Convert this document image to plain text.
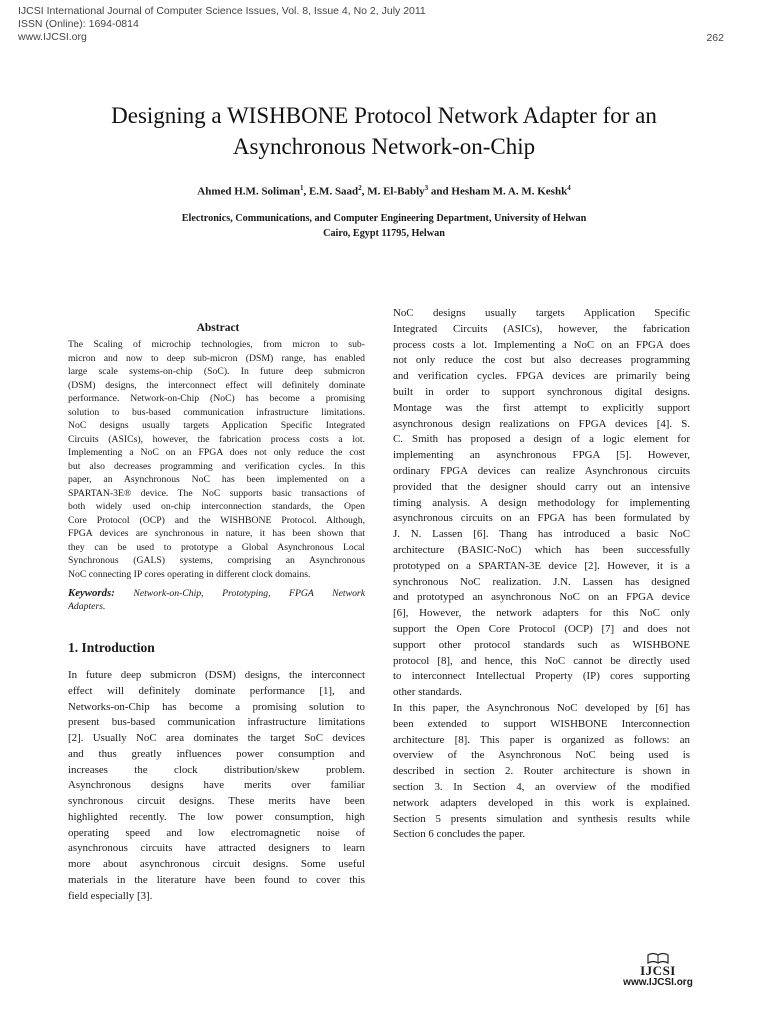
IJCSI International Journal of Computer Science Issues, Vol. 8, Issue 4, No 2, July 2011
ISSN (Online): 1694-0814
www.IJCSI.org	262
Designing a WISHBONE Protocol Network Adapter for an
Asynchronous Network-on-Chip
Ahmed H.M. Soliman$^1$, E.M. Saad$^2$, M. El-Bably$^3$ and Hesham M. A. M. Keshk$^4$
Electronics, Communications, and Computer Engineering Department, University of Helwan
Cairo, Egypt 11795, Helwan
Abstract
The Scaling of microchip technologies, from micron to sub-
micron and now to deep sub-micron (DSM) range, has enabled
large scale systems-on-chip (SoC). In future deep submicron
(DSM) designs, the interconnect effect will definitely dominate
performance. Network-on-Chip (NoC) has become a promising
solution to bus-based communication infrastructure limitations.
NoC designs usually targets Application Specific Integrated
Circuits (ASICs), however, the fabrication process costs a lot.
Implementing a NoC on an FPGA does not only reduce the cost
but also decreases programming and verification cycles. In this
paper, an Asynchronous NoC has been implemented on a
SPARTAN-3E® device. The NoC supports basic transactions of
both widely used on-chip interconnection standards, the Open
Core Protocol (OCP) and the WISHBONE Protocol. Although,
FPGA devices are synchronous in nature, it has been shown that
they can be used to prototype a Global Asynchronous Local
Synchronous (GALS) systems, comprising an Asynchronous
NoC connecting IP cores operating in different clock domains.
Keywords: Network-on-Chip, Prototyping, FPGA Network
Adapters.
1. Introduction
In future deep submicron (DSM) designs, the interconnect
effect will definitely dominate performance [1], and
Networks-on-Chip has become a promising solution to
present bus-based communication infrastructure limitations
[2]. Usually NoC area dominates the target SoC devices
and thus greatly influences power consumption and
increases the clock distribution/skew problem.
Asynchronous designs have merits over familiar
synchronous circuit designs. These merits have been
highlighted recently. The low power consumption, high
operating speed and low electromagnetic noise of
asynchronous circuits have attracted designers to learn
more about asynchronous circuit designs. Some useful
materials in the literature have been found to cover this
field especially [3].
NoC designs usually targets Application Specific
Integrated Circuits (ASICs), however, the fabrication
process costs a lot. Implementing a NoC on an FPGA does
not only reduce the cost but also decreases programming
and verification cycles. FPGA devices are primarily being
built in order to support synchronous digital designs.
Montage was the first attempt to explicitly support
asynchronous design realizations on FPGA devices [4]. S.
C. Smith has proposed a design of a logic element for
implementing an asynchronous FPGA [5]. However,
ordinary FPGA devices can realize Asynchronous circuits
provided that the designer should carry out an intensive
timing analysis. A design methodology for implementing
asynchronous circuits on an FPGA has been formulated by
J. N. Lassen [6]. Thang has introduced a basic NoC
architecture (BASIC-NoC) which has been successfully
prototyped on a SPARTAN-3E device [2]. However, it is a
synchronous NoC realization. J.N. Lassen has designed
and prototyped an asynchronous NoC on an FPGA device
[6], However, the network adapters for this NoC only
support the Open Core Protocol (OCP) [7] and does not
support other protocol standards such as WISHBONE
protocol [8], and hence, this NoC cannot be directly used
to interconnect Intellectual Property (IP) cores supporting
other standards.
In this paper, the Asynchronous NoC developed by [6] has
been extended to support WISHBONE Interconnection
architecture [8]. This paper is organized as follows: an
overview of the Asynchronous NoC being used is
described in section 2. Router architecture is shown in
section 3. In Section 4, an overview of the modified
network adapters developed in this work is explained.
Section 5 presents simulation and synthesis results while
Section 6 concludes the paper.
IJCSI
www.IJCSI.org
